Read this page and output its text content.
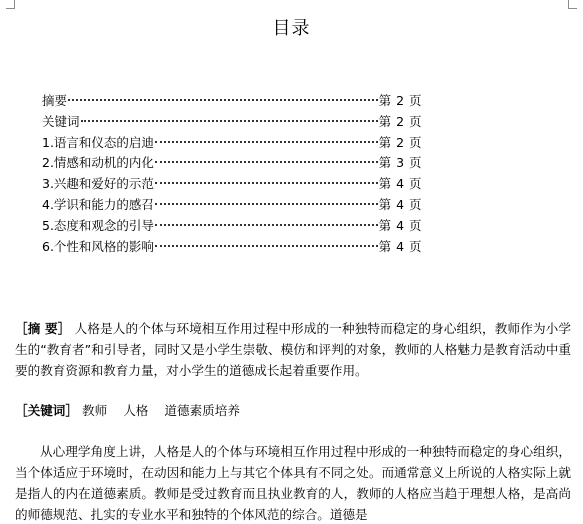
目录
摘要	第 2 页
关键词	第 2 页
1.语言和仪态的启迪	第 2 页
2.情感和动机的内化	第 3 页
3.兴趣和爱好的示范	第 4 页
4.学识和能力的感召	第 4 页
5.态度和观念的引导	第 4 页
6.个性和风格的影响	第 4 页

［摘 要］ 人格是人的个体与环境相互作用过程中形成的一种独特而稳定的身心组织，教师作为小学生的“教育者”和引导者，同时又是小学生崇敬、模仿和评判的对象，教师的人格魅力是教育活动中重要的教育资源和教育力量，对小学生的道德成长起着重要作用。

［关键词］ 教师 人格 道德素质培养

从心理学角度上讲，人格是人的个体与环境相互作用过程中形成的一种独特而稳定的身心组织，当个体适应于环境时，在动因和能力上与其它个体具有不同之处。而通常意义上所说的人格实际上就是指人的内在道德素质。教师是受过教育而且执业教育的人，教师的人格应当趋于理想人格，是高尚的师德规范、扎实的专业水平和独特的个体风范的综合。道德是
